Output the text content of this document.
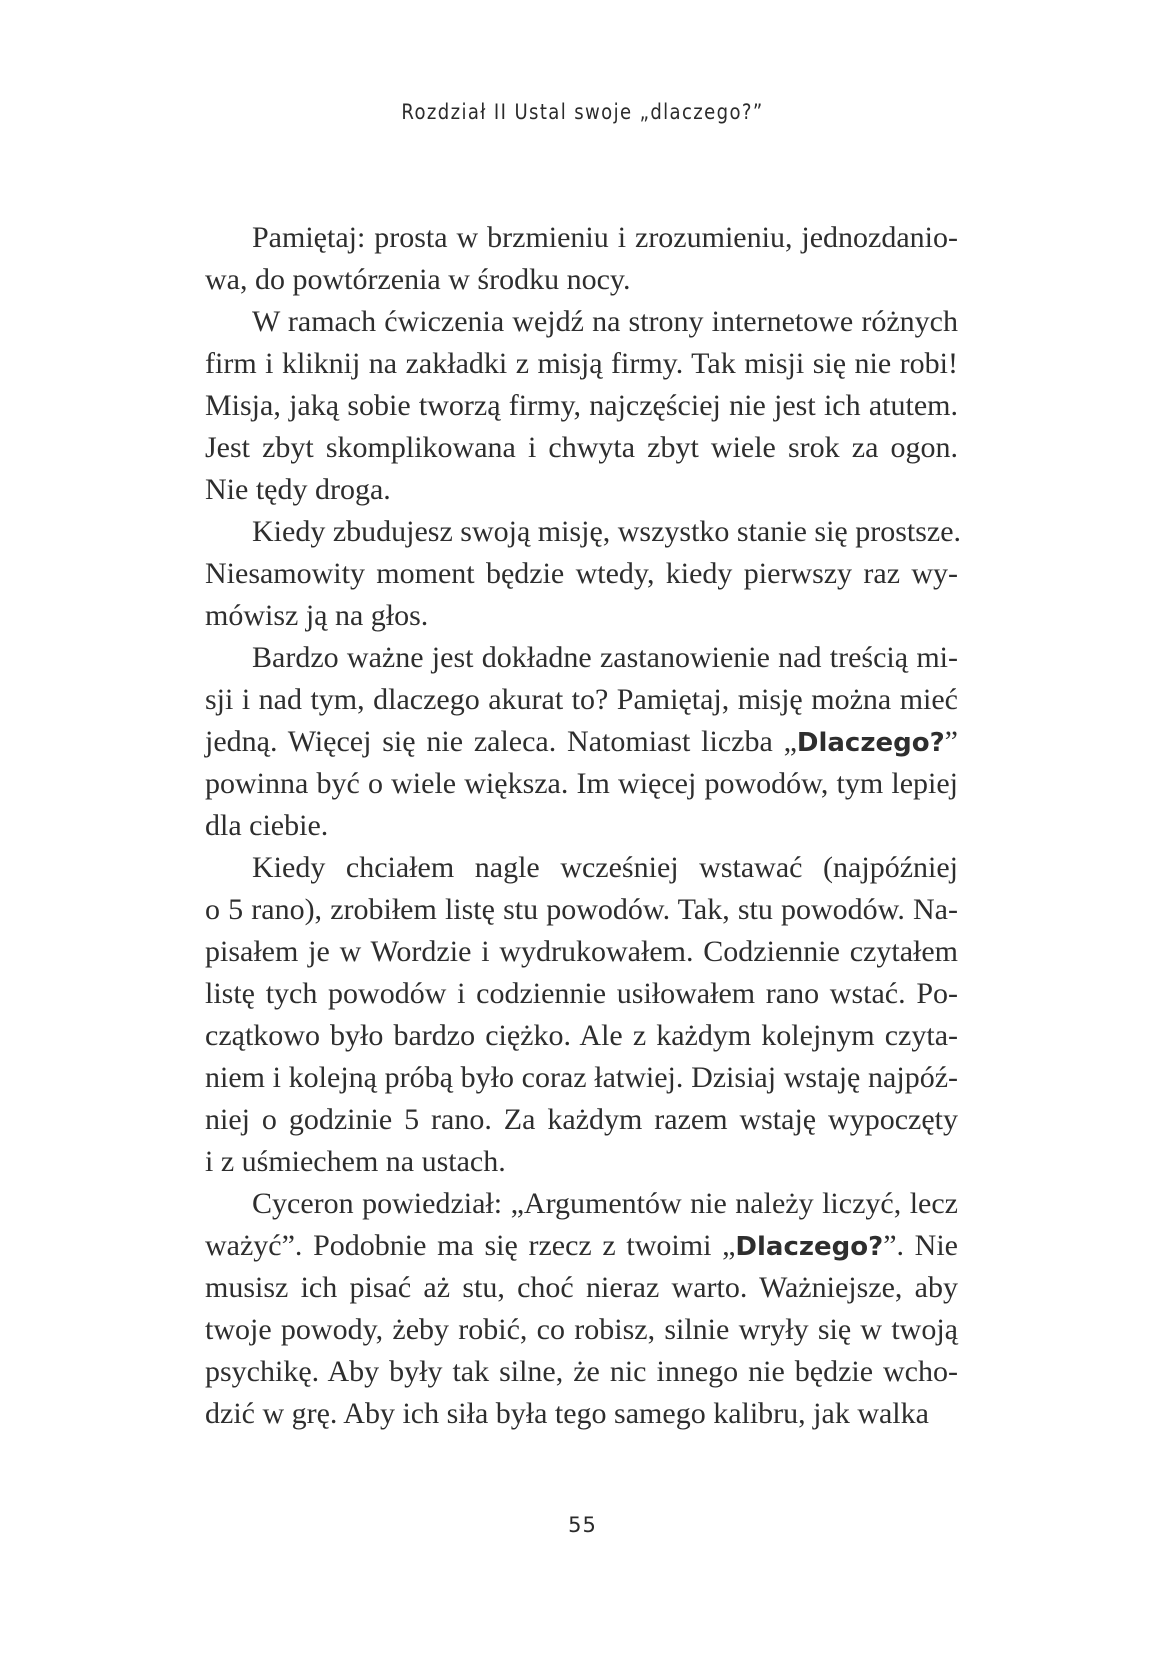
Rozdział II Ustal swoje „dlaczego?”
Pamiętaj: prosta w brzmieniu i zrozumieniu, jednozdanio-
wa, do powtórzenia w środku nocy.
W ramach ćwiczenia wejdź na strony internetowe różnych
firm i kliknij na zakładki z misją firmy. Tak misji się nie robi!
Misja, jaką sobie tworzą firmy, najczęściej nie jest ich atutem.
Jest zbyt skomplikowana i chwyta zbyt wiele srok za ogon.
Nie tędy droga.
Kiedy zbudujesz swoją misję, wszystko stanie się prostsze.
Niesamowity moment będzie wtedy, kiedy pierwszy raz wy-
mówisz ją na głos.
Bardzo ważne jest dokładne zastanowienie nad treścią mi-
sji i nad tym, dlaczego akurat to? Pamiętaj, misję można mieć
jedną. Więcej się nie zaleca. Natomiast liczba „Dlaczego?”
powinna być o wiele większa. Im więcej powodów, tym lepiej
dla ciebie.
Kiedy chciałem nagle wcześniej wstawać (najpóźniej
o 5 rano), zrobiłem listę stu powodów. Tak, stu powodów. Na-
pisałem je w Wordzie i wydrukowałem. Codziennie czytałem
listę tych powodów i codziennie usiłowałem rano wstać. Po-
czątkowo było bardzo ciężko. Ale z każdym kolejnym czyta-
niem i kolejną próbą było coraz łatwiej. Dzisiaj wstaję najpóź-
niej o godzinie 5 rano. Za każdym razem wstaję wypoczęty
i z uśmiechem na ustach.
Cyceron powiedział: „Argumentów nie należy liczyć, lecz
ważyć”. Podobnie ma się rzecz z twoimi „Dlaczego?”. Nie
musisz ich pisać aż stu, choć nieraz warto. Ważniejsze, aby
twoje powody, żeby robić, co robisz, silnie wryły się w twoją
psychikę. Aby były tak silne, że nic innego nie będzie wcho-
dzić w grę. Aby ich siła była tego samego kalibru, jak walka
55
